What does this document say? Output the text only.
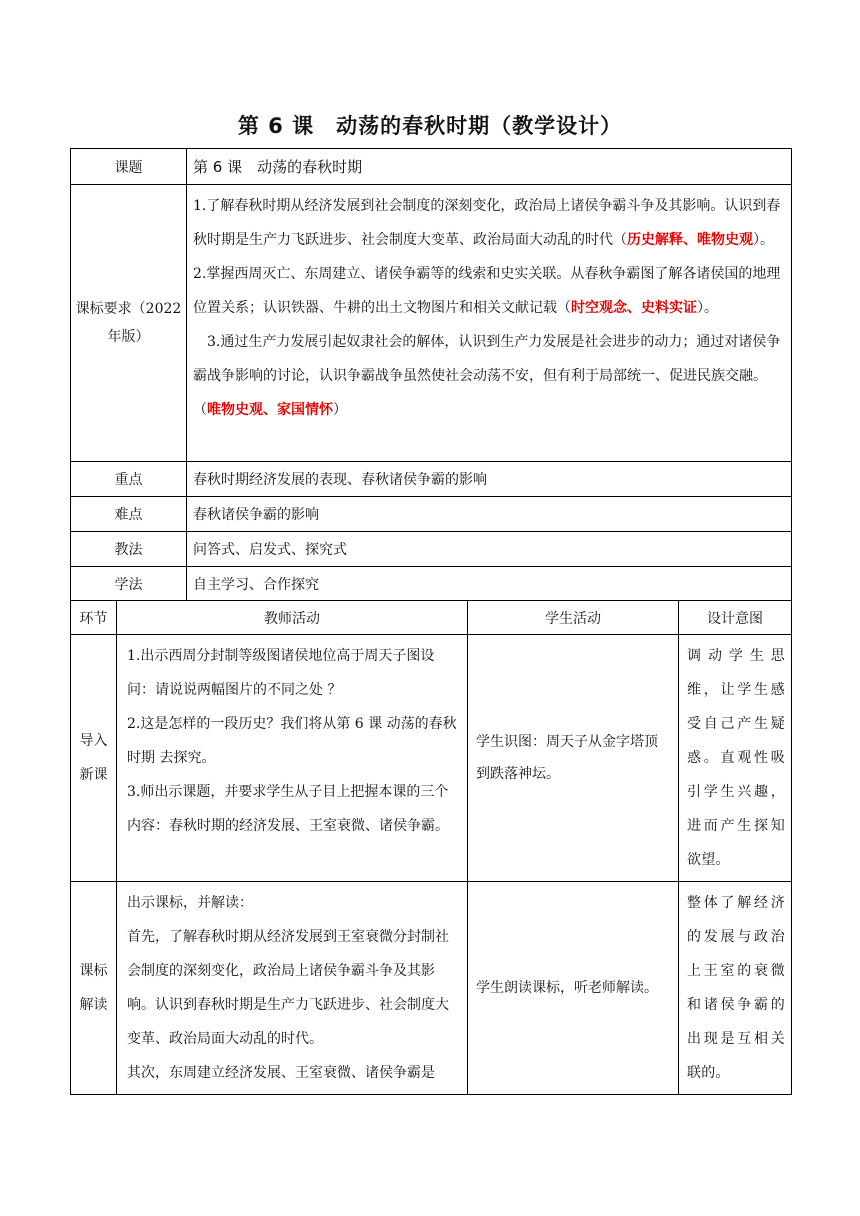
第 6 课　动荡的春秋时期（教学设计）
课题	第 6 课　动荡的春秋时期
课标要求（2022年版）	1.了解春秋时期从经济发展到社会制度的深刻变化，政治局上诸侯争霸斗争及其影响。认识到春秋时期是生产力飞跃进步、社会制度大变革、政治局面大动乱的时代（历史解释、唯物史观）。

2.掌握西周灭亡、东周建立、诸侯争霸等的线索和史实关联。从春秋争霸图了解各诸侯国的地理位置关系；认识铁器、牛耕的出土文物图片和相关文献记载（时空观念、史料实证）。

　3.通过生产力发展引起奴隶社会的解体，认识到生产力发展是社会进步的动力；通过对诸侯争霸战争影响的讨论，认识争霸战争虽然使社会动荡不安，但有利于局部统一、促进民族交融。（唯物史观、家国情怀）

重点	春秋时期经济发展的表现、春秋诸侯争霸的影响
难点	春秋诸侯争霸的影响
教法	问答式、启发式、探究式
学法	自主学习、合作探究
环节	教师活动	学生活动	设计意图
导入新课	1.出示西周分封制等级图诸侯地位高于周天子图设问：请说说两幅图片的不同之处 ？

2.这是怎样的一段历史？我们将从第 6 课 动荡的春秋时期 去探究。

3.师出示课题，并要求学生从子目上把握本课的三个内容：春秋时期的经济发展、王室衰微、诸侯争霸。	学生识图：周天子从金字塔顶到跌落神坛。	调动学生思维，让学生感受自己产生疑惑。直观性吸引学生兴趣，进而产生探知欲望。
课标解读	出示课标，并解读：

首先，了解春秋时期从经济发展到王室衰微分封制社会制度的深刻变化，政治局上诸侯争霸斗争及其影响。认识到春秋时期是生产力飞跃进步、社会制度大变革、政治局面大动乱的时代。

其次，东周建立经济发展、王室衰微、诸侯争霸是	学生朗读课标，听老师解读。	整体了解经济的发展与政治上王室的衰微和诸侯争霸的出现是互相关联的。
